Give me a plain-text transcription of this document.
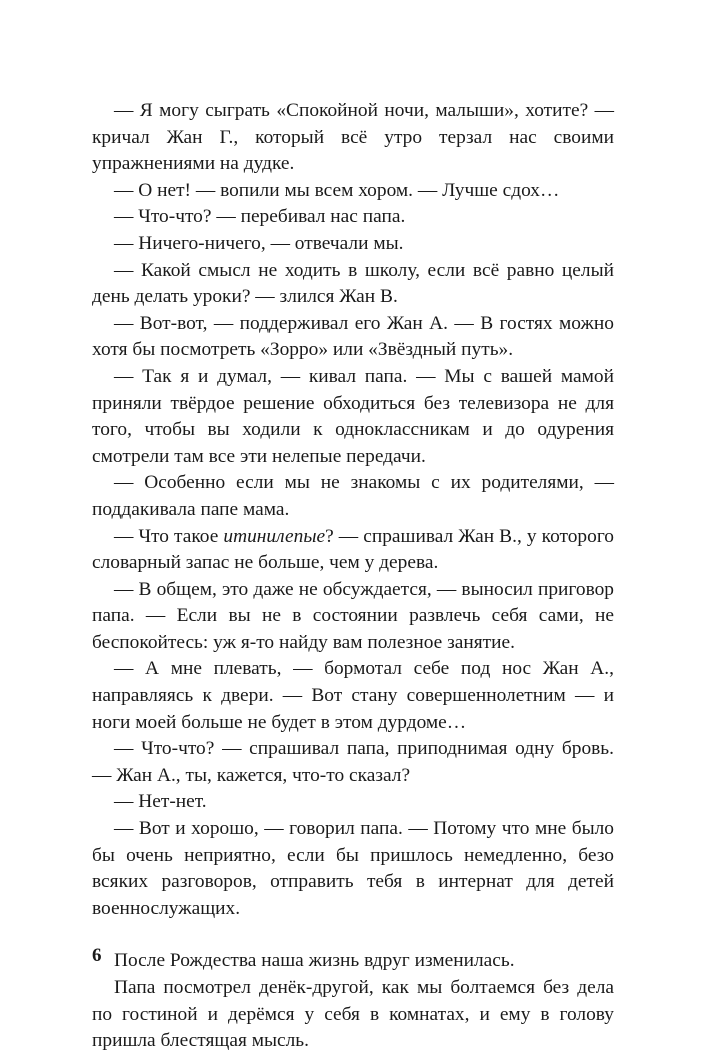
— Я могу сыграть «Спокойной ночи, малыши», хотите? — кричал Жан Г., который всё утро терзал нас своими упражнениями на дудке.

— О нет! — вопили мы всем хором. — Лучше сдох…

— Что-что? — перебивал нас папа.

— Ничего-ничего, — отвечали мы.

— Какой смысл не ходить в школу, если всё равно целый день делать уроки? — злился Жан В.

— Вот-вот, — поддерживал его Жан А. — В гостях можно хотя бы посмотреть «Зорро» или «Звёздный путь».

— Так я и думал, — кивал папа. — Мы с вашей мамой приняли твёрдое решение обходиться без телевизора не для того, чтобы вы ходили к одноклассникам и до одурения смотрели там все эти нелепые передачи.

— Особенно если мы не знакомы с их родителями, — поддакивала папе мама.

— Что такое итинилепые? — спрашивал Жан В., у которого словарный запас не больше, чем у дерева.

— В общем, это даже не обсуждается, — выносил приговор папа. — Если вы не в состоянии развлечь себя сами, не беспокойтесь: уж я-то найду вам полезное занятие.

— А мне плевать, — бормотал себе под нос Жан А., направляясь к двери. — Вот стану совершеннолетним — и ноги моей больше не будет в этом дурдоме…

— Что-что? — спрашивал папа, приподнимая одну бровь. — Жан А., ты, кажется, что-то сказал?

— Нет-нет.

— Вот и хорошо, — говорил папа. — Потому что мне было бы очень неприятно, если бы пришлось немедленно, безо всяких разговоров, отправить тебя в интернат для детей военнослужащих.

После Рождества наша жизнь вдруг изменилась.

Папа посмотрел денёк-другой, как мы болтаемся без дела по гостиной и дерёмся у себя в комнатах, и ему в голову пришла блестящая мысль.

6
